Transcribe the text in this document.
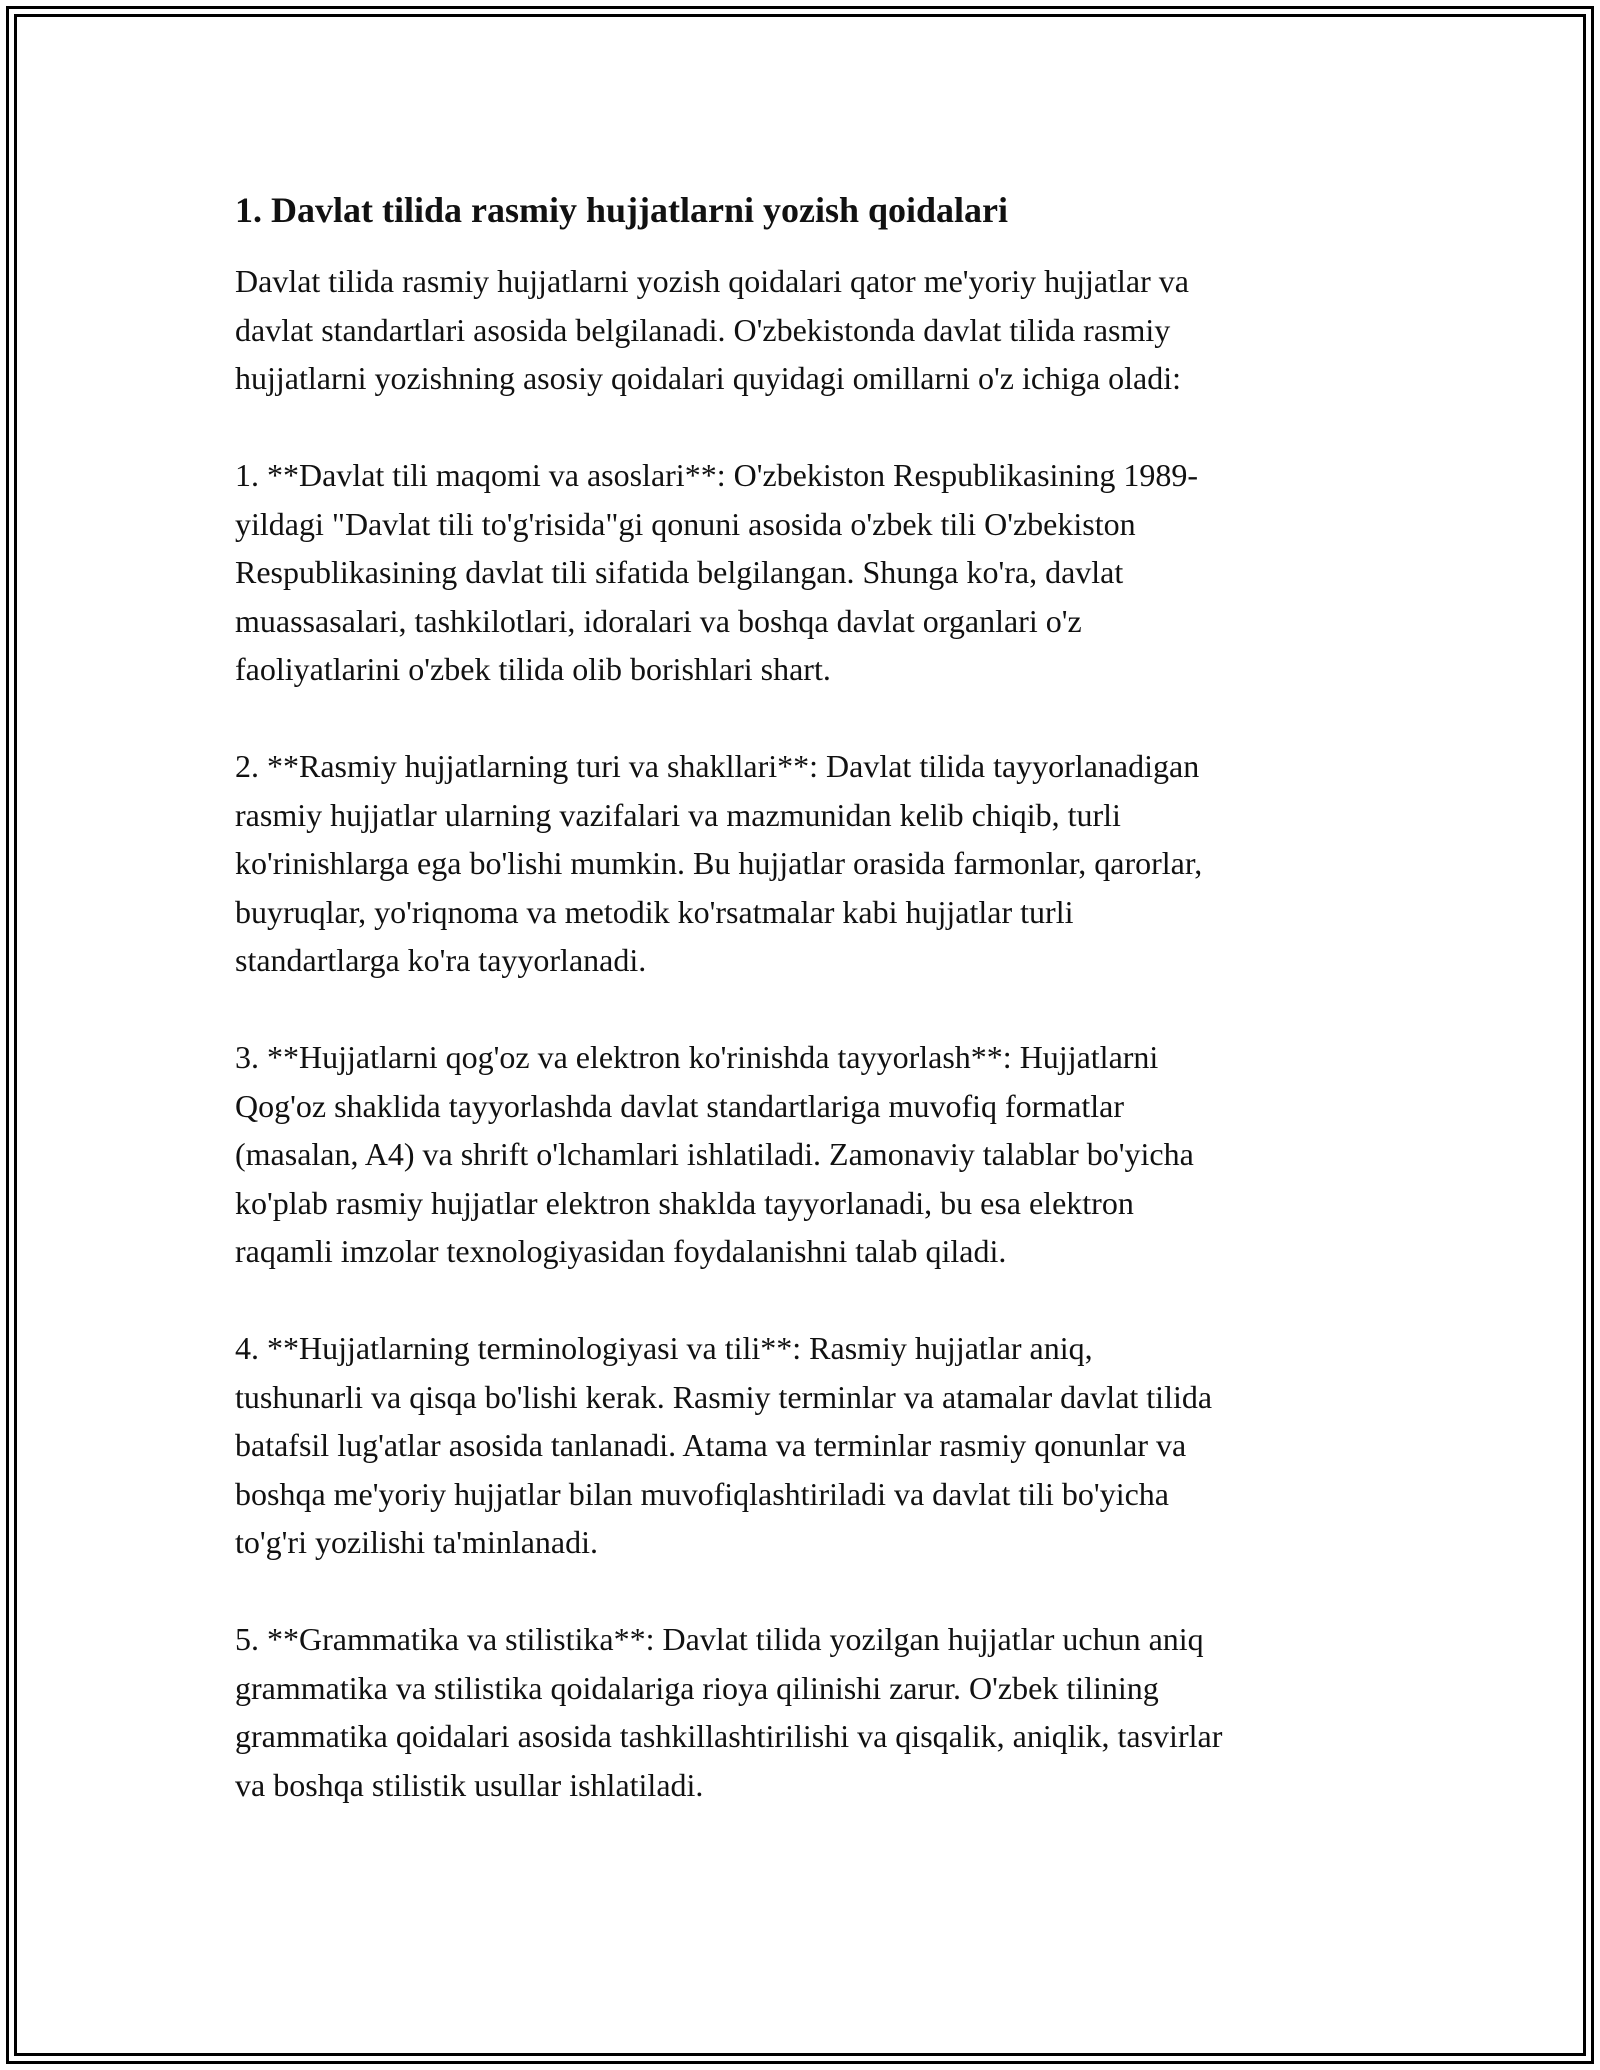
1. Davlat tilida rasmiy hujjatlarni yozish qoidalari
Davlat tilida rasmiy hujjatlarni yozish qoidalari qator me'yoriy hujjatlar va
davlat standartlari asosida belgilanadi. O'zbekistonda davlat tilida rasmiy
hujjatlarni yozishning asosiy qoidalari quyidagi omillarni o'z ichiga oladi:
1. **Davlat tili maqomi va asoslari**: O'zbekiston Respublikasining 1989-
yildagi "Davlat tili to'g'risida"gi qonuni asosida o'zbek tili O'zbekiston
Respublikasining davlat tili sifatida belgilangan. Shunga ko'ra, davlat
muassasalari, tashkilotlari, idoralari va boshqa davlat organlari o'z
faoliyatlarini o'zbek tilida olib borishlari shart.
2. **Rasmiy hujjatlarning turi va shakllari**: Davlat tilida tayyorlanadigan
rasmiy hujjatlar ularning vazifalari va mazmunidan kelib chiqib, turli
ko'rinishlarga ega bo'lishi mumkin. Bu hujjatlar orasida farmonlar, qarorlar,
buyruqlar, yo'riqnoma va metodik ko'rsatmalar kabi hujjatlar turli
standartlarga ko'ra tayyorlanadi.
3. **Hujjatlarni qog'oz va elektron ko'rinishda tayyorlash**: Hujjatlarni
Qog'oz shaklida tayyorlashda davlat standartlariga muvofiq formatlar
(masalan, A4) va shrift o'lchamlari ishlatiladi. Zamonaviy talablar bo'yicha
ko'plab rasmiy hujjatlar elektron shaklda tayyorlanadi, bu esa elektron
raqamli imzolar texnologiyasidan foydalanishni talab qiladi.
4. **Hujjatlarning terminologiyasi va tili**: Rasmiy hujjatlar aniq,
tushunarli va qisqa bo'lishi kerak. Rasmiy terminlar va atamalar davlat tilida
batafsil lug'atlar asosida tanlanadi. Atama va terminlar rasmiy qonunlar va
boshqa me'yoriy hujjatlar bilan muvofiqlashtiriladi va davlat tili bo'yicha
to'g'ri yozilishi ta'minlanadi.
5. **Grammatika va stilistika**: Davlat tilida yozilgan hujjatlar uchun aniq
grammatika va stilistika qoidalariga rioya qilinishi zarur. O'zbek tilining
grammatika qoidalari asosida tashkillashtirilishi va qisqalik, aniqlik, tasvirlar
va boshqa stilistik usullar ishlatiladi.
